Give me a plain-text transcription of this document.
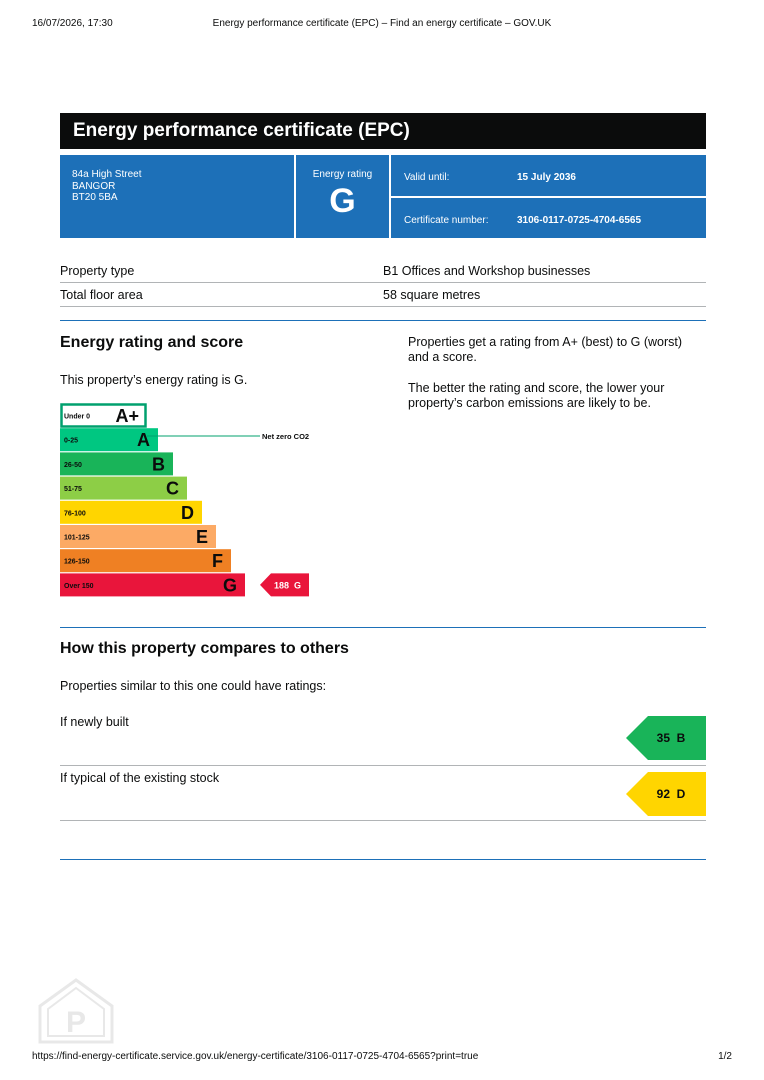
16/07/2026, 17:30	Energy performance certificate (EPC) – Find an energy certificate – GOV.UK
Energy performance certificate (EPC)
84a High Street
BANGOR
BT20 5BA
Energy rating
G
Valid until:	15 July 2036
Certificate number:	3106-0117-0725-4704-6565
Property type	B1 Offices and Workshop businesses
Total floor area	58 square metres
Energy rating and score
This property’s energy rating is G.
Properties get a rating from A+ (best) to G (worst) and a score.
The better the rating and score, the lower your property’s carbon emissions are likely to be.
Under 0 A+
0-25	A
26-50	B
51-75	C
76-100	D
101-125	E
126-150	F
Over 150	G
Net zero CO2
188 G
How this property compares to others
Properties similar to this one could have ratings:
If newly built
35 B
If typical of the existing stock
92 D
P
https://find-energy-certificate.service.gov.uk/energy-certificate/3106-0117-0725-4704-6565?print=true	1/2
